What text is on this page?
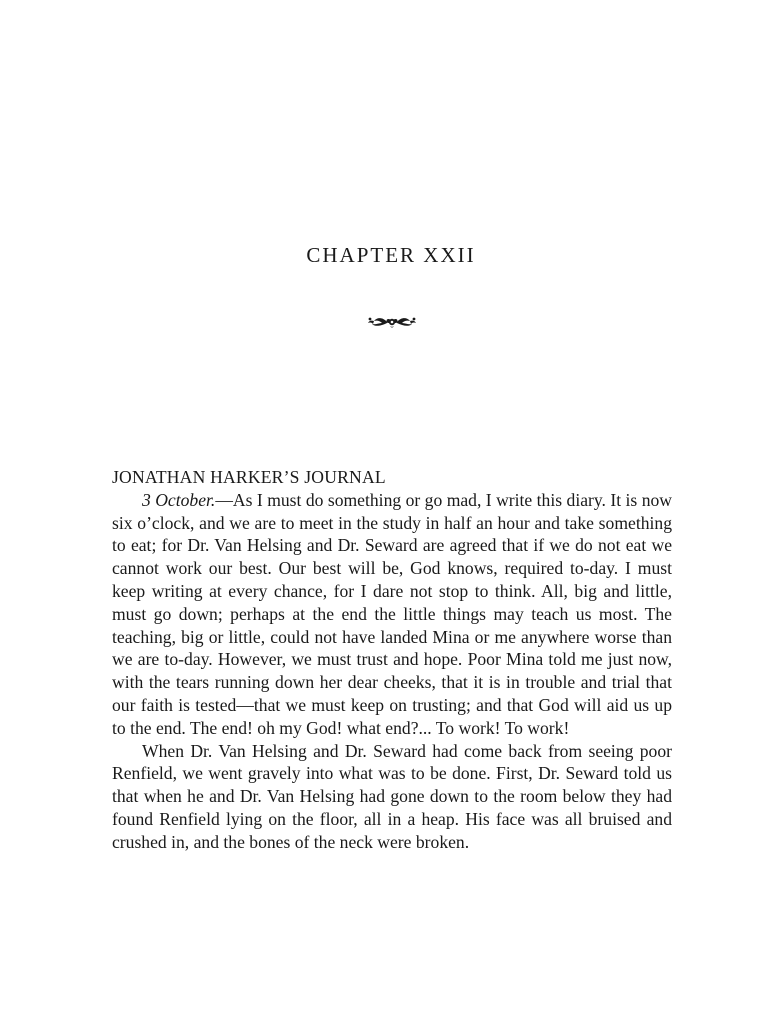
CHAPTER XXII
JONATHAN HARKER’S JOURNAL

3 October.—As I must do something or go mad, I write this diary. It is now six o’clock, and we are to meet in the study in half an hour and take something to eat; for Dr. Van Helsing and Dr. Seward are agreed that if we do not eat we cannot work our best. Our best will be, God knows, required to-day. I must keep writing at every chance, for I dare not stop to think. All, big and little, must go down; perhaps at the end the little things may teach us most. The teaching, big or little, could not have landed Mina or me anywhere worse than we are to-day. However, we must trust and hope. Poor Mina told me just now, with the tears running down her dear cheeks, that it is in trouble and trial that our faith is tested—that we must keep on trusting; and that God will aid us up to the end. The end! oh my God! what end?... To work! To work!

When Dr. Van Helsing and Dr. Seward had come back from seeing poor Renfield, we went gravely into what was to be done. First, Dr. Seward told us that when he and Dr. Van Helsing had gone down to the room below they had found Renfield lying on the floor, all in a heap. His face was all bruised and crushed in, and the bones of the neck were broken.
